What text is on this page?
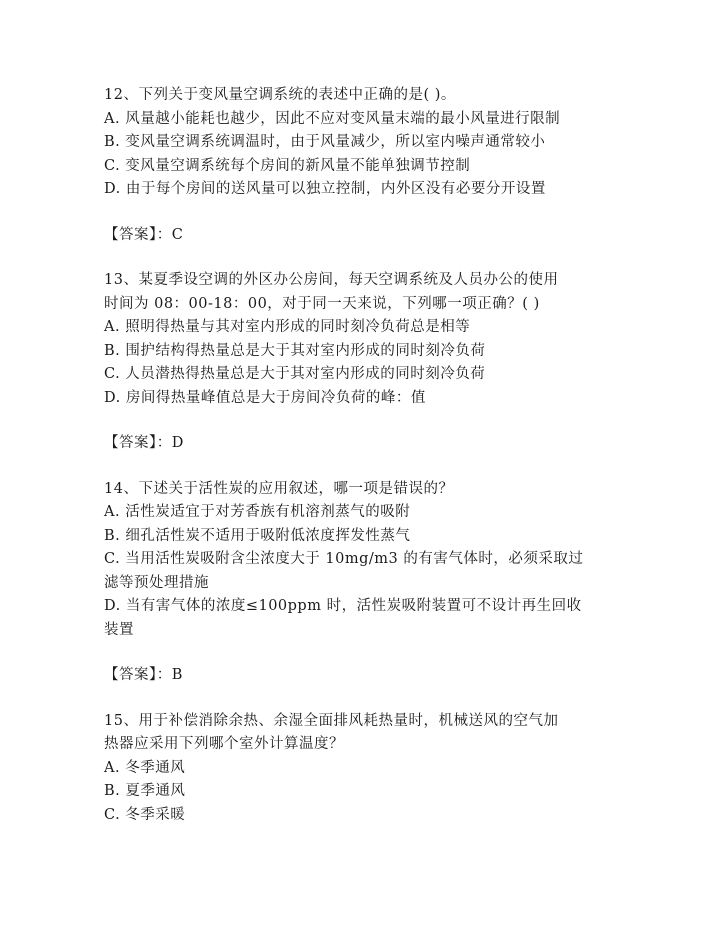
12、下列关于变风量空调系统的表述中正确的是( )。
A. 风量越小能耗也越少，因此不应对变风量末端的最小风量进行限制
B. 变风量空调系统调温时，由于风量减少，所以室内噪声通常较小
C. 变风量空调系统每个房间的新风量不能单独调节控制
D. 由于每个房间的送风量可以独立控制，内外区没有必要分开设置
【答案】：C
13、某夏季设空调的外区办公房间，每天空调系统及人员办公的使用
时间为 08：00-18：00，对于同一天来说，下列哪一项正确？( )
A. 照明得热量与其对室内形成的同时刻冷负荷总是相等
B. 围护结构得热量总是大于其对室内形成的同时刻冷负荷
C. 人员潜热得热量总是大于其对室内形成的同时刻冷负荷
D. 房间得热量峰值总是大于房间冷负荷的峰：值
【答案】：D
14、下述关于活性炭的应用叙述，哪一项是错误的？
A. 活性炭适宜于对芳香族有机溶剂蒸气的吸附
B. 细孔活性炭不适用于吸附低浓度挥发性蒸气
C. 当用活性炭吸附含尘浓度大于 10mg/m3 的有害气体时，必须采取过
滤等预处理措施
D. 当有害气体的浓度≤100ppm 时，活性炭吸附装置可不设计再生回收
装置
【答案】：B
15、用于补偿消除余热、余湿全面排风耗热量时，机械送风的空气加
热器应采用下列哪个室外计算温度？
A. 冬季通风
B. 夏季通风
C. 冬季采暖
